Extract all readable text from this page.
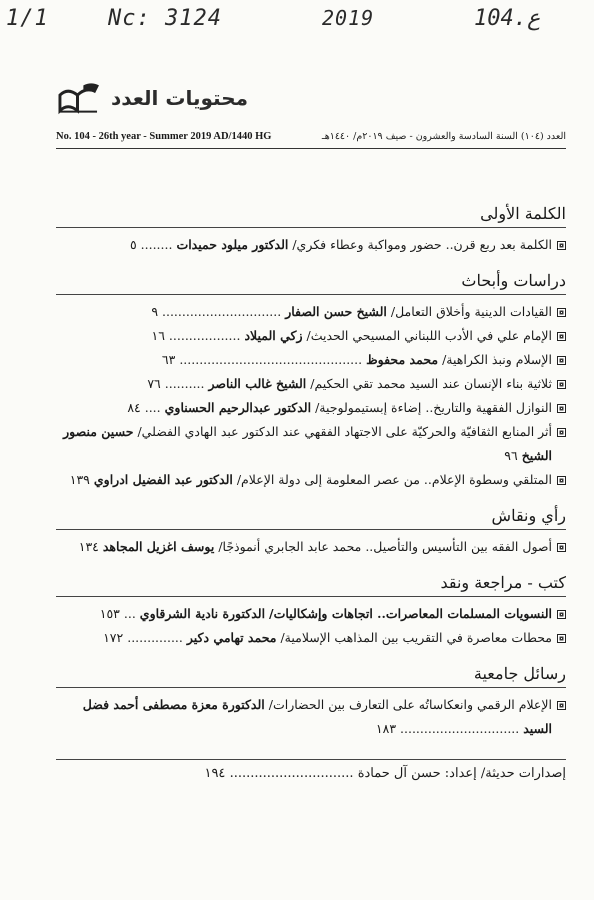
1/1	Nc: 3124	2019	104.ع
محتويات العدد
No. 104 - 26th year - Summer 2019 AD/1440 HG	العدد (١٠٤) السنة السادسة والعشرون - صيف ٢٠١٩م/ ١٤٤٠هـ
الكلمة الأولى
الكلمة بعد ربع قرن.. حضور ومواكبة وعطاء فكري/ الدكتور ميلود حميدات ........ ٥
دراسات وأبحاث
القيادات الدينية وأخلاق التعامل/ الشيخ حسن الصفار .............................. ٩
الإمام علي في الأدب اللبناني المسيحي الحديث/ زكي الميلاد .................. ١٦
الإسلام ونبذ الكراهية/ محمد محفوظ .............................................. ٦٣
ثلاثية بناء الإنسان عند السيد محمد تقي الحكيم/ الشيخ غالب الناصر .......... ٧٦
النوازل الفقهية والتاريخ.. إضاءة إبستيمولوجية/ الدكتور عبدالرحيم الحسناوي .... ٨٤
أثر المنابع الثقافيّة والحركيّة على الاجتهاد الفقهي عند الدكتور عبد الهادي الفضلي/ حسين منصور الشيخ ٩٦
المتلقي وسطوة الإعلام.. من عصر المعلومة إلى دولة الإعلام/ الدكتور عبد الفضيل ادراوي ١٣٩
رأي ونقاش
أصول الفقه بين التأسيس والتأصيل.. محمد عابد الجابري أنموذجًا/ يوسف اغزيل المجاهد ١٣٤
كتب - مراجعة ونقد
النسويات المسلمات المعاصرات.. اتجاهات وإشكاليات/ الدكتورة نادية الشرقاوي ... ١٥٣
محطات معاصرة في التقريب بين المذاهب الإسلامية/ محمد تهامي دكير .............. ١٧٢
رسائل جامعية
الإعلام الرقمي وانعكاساتُه على التعارف بين الحضارات/ الدكتورة معزة مصطفى أحمد فضل السيد .............................. ١٨٣
إصدارات حديثة/ إعداد: حسن آل حمادة .............................. ١٩٤
